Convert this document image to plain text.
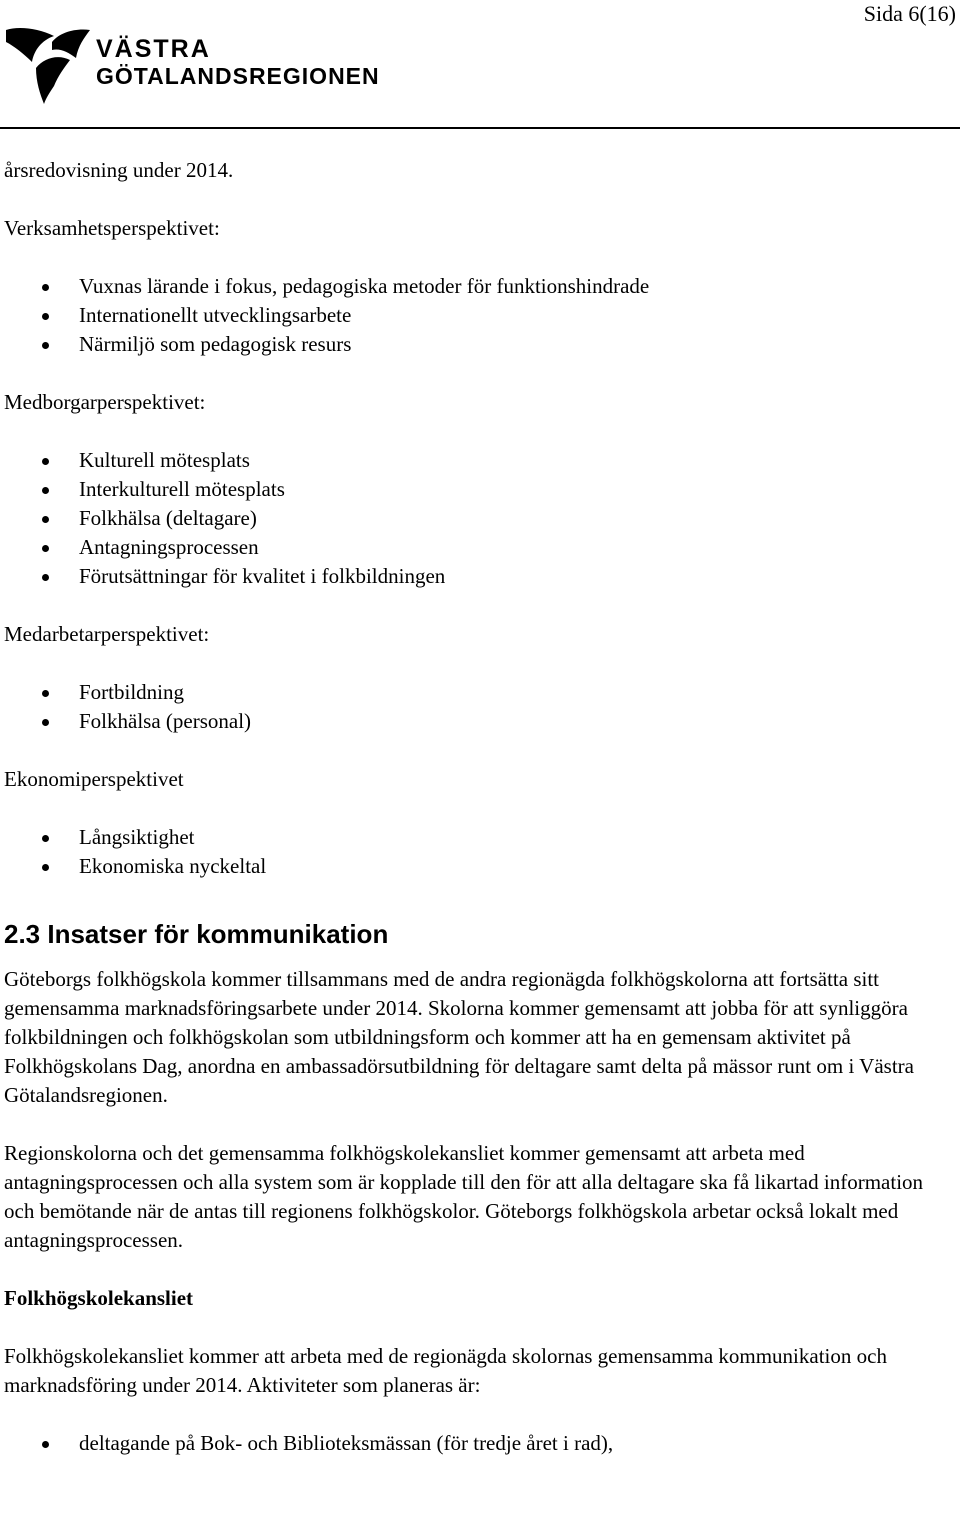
Sida 6(16)
VÄSTRA
GÖTALANDSREGIONEN

årsredovisning under 2014.

Verksamhetsperspektivet:

Vuxnas lärande i fokus, pedagogiska metoder för funktionshindrade
Internationellt utvecklingsarbete
Närmiljö som pedagogisk resurs

Medborgarperspektivet:

Kulturell mötesplats
Interkulturell mötesplats
Folkhälsa (deltagare)
Antagningsprocessen
Förutsättningar för kvalitet i folkbildningen

Medarbetarperspektivet:

Fortbildning
Folkhälsa (personal)

Ekonomiperspektivet

Långsiktighet
Ekonomiska nyckeltal
2.3 Insatser för kommunikation

Göteborgs folkhögskola kommer tillsammans med de andra regionägda folkhögskolorna att fortsätta sitt gemensamma marknadsföringsarbete under 2014. Skolorna kommer gemensamt att jobba för att synliggöra folkbildningen och folkhögskolan som utbildningsform och kommer att ha en gemensam aktivitet på Folkhögskolans Dag, anordna en ambassadörsutbildning för deltagare samt delta på mässor runt om i Västra Götalandsregionen.

Regionskolorna och det gemensamma folkhögskolekansliet kommer gemensamt att arbeta med antagningsprocessen och alla system som är kopplade till den för att alla deltagare ska få likartad information och bemötande när de antas till regionens folkhögskolor. Göteborgs folkhögskola arbetar också lokalt med antagningsprocessen.

Folkhögskolekansliet

Folkhögskolekansliet kommer att arbeta med de regionägda skolornas gemensamma kommunikation och marknadsföring under 2014. Aktiviteter som planeras är:

deltagande på Bok- och Biblioteksmässan (för tredje året i rad),
